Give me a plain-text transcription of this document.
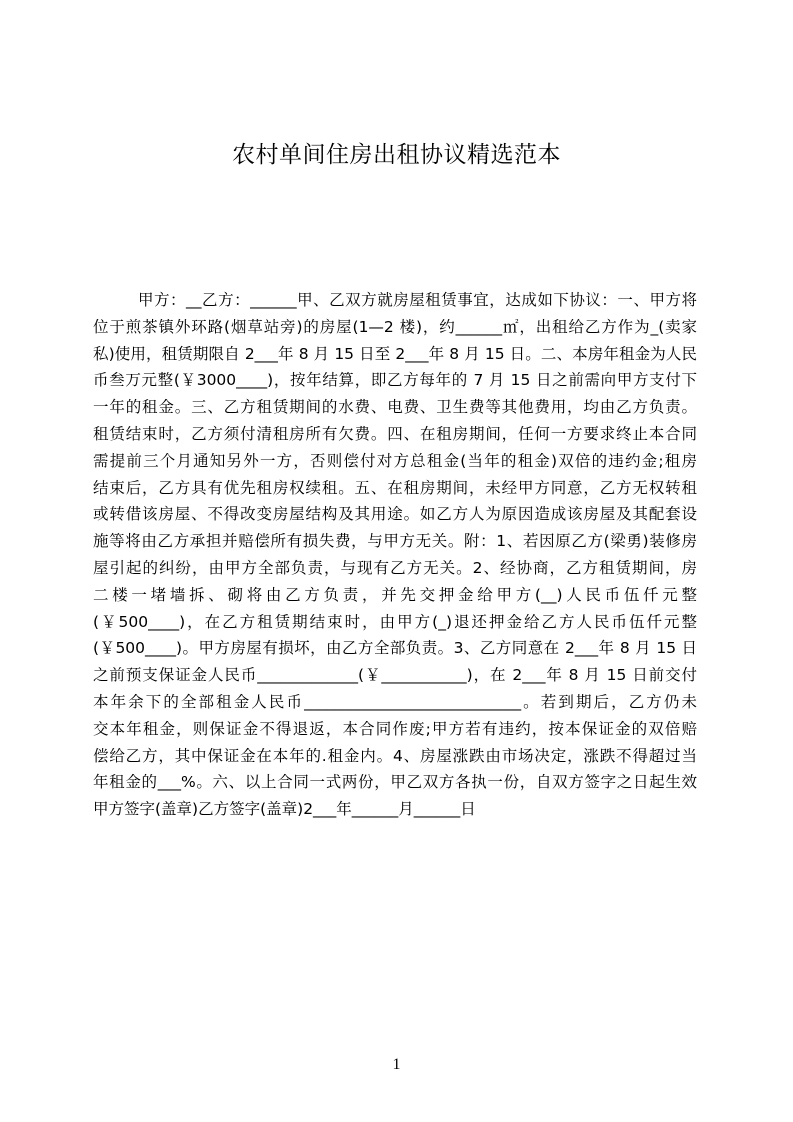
农村单间住房出租协议精选范本
甲方：__乙方：______甲、乙双方就房屋租赁事宜，达成如下协议：一、甲方将
位于煎茶镇外环路(烟草站旁)的房屋(1—2 楼)，约______㎡，出租给乙方作为_(卖家
私)使用，租赁期限自 2___年 8 月 15 日至 2___年 8 月 15 日。二、本房年租金为人民
币叁万元整(￥3000____)，按年结算，即乙方每年的 7 月 15 日之前需向甲方支付下
一年的租金。三、乙方租赁期间的水费、电费、卫生费等其他费用，均由乙方负责。
租赁结束时，乙方须付清租房所有欠费。四、在租房期间，任何一方要求终止本合同
需提前三个月通知另外一方，否则偿付对方总租金(当年的租金)双倍的违约金;租房
结束后，乙方具有优先租房权续租。五、在租房期间，未经甲方同意，乙方无权转租
或转借该房屋、不得改变房屋结构及其用途。如乙方人为原因造成该房屋及其配套设
施等将由乙方承担并赔偿所有损失费，与甲方无关。附：1、若因原乙方(梁勇)装修房
屋引起的纠纷，由甲方全部负责，与现有乙方无关。2、经协商，乙方租赁期间，房
二楼一堵墙拆、砌将由乙方负责，并先交押金给甲方(__)人民币伍仟元整
(￥500____)，在乙方租赁期结束时，由甲方(_)退还押金给乙方人民币伍仟元整
(￥500____)。甲方房屋有损坏，由乙方全部负责。3、乙方同意在 2___年 8 月 15 日
之前预支保证金人民币_____________(￥___________)，在 2___年 8 月 15 日前交付
本年余下的全部租金人民币____________________________。若到期后，乙方仍未
交本年租金，则保证金不得退返，本合同作废;甲方若有违约，按本保证金的双倍赔
偿给乙方，其中保证金在本年的.租金内。4、房屋涨跌由市场决定，涨跌不得超过当
年租金的___%。六、以上合同一式两份，甲乙双方各执一份，自双方签字之日起生效
甲方签字(盖章)乙方签字(盖章)2___年______月______日
1
